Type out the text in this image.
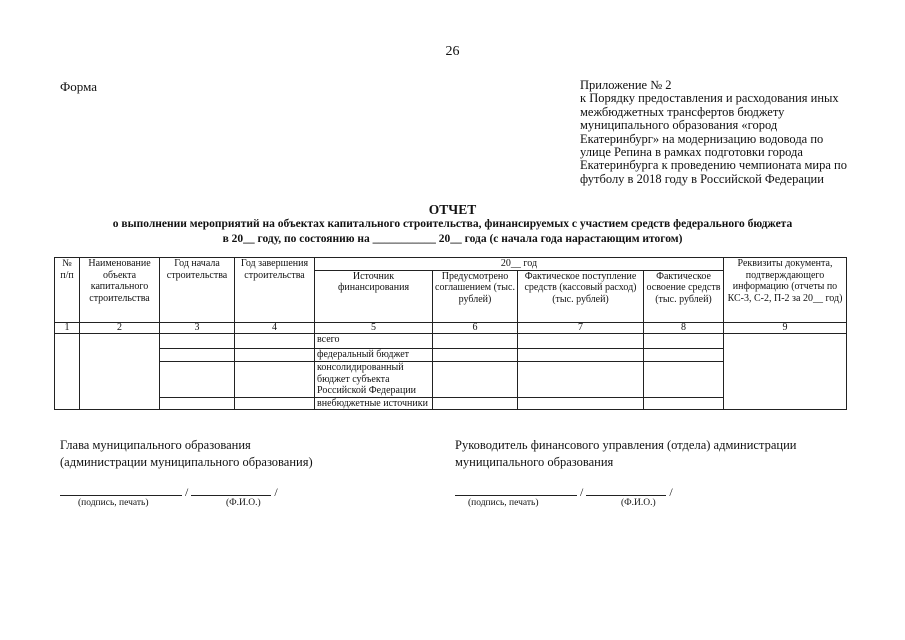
26
Форма	Приложение № 2
к Порядку предоставления и расходования иных межбюджетных трансфертов бюджету муниципального образования «город Екатеринбург» на модернизацию водовода по улице Репина в рамках подготовки города Екатеринбурга к проведению чемпионата мира по футболу в 2018 году в Российской Федерации
ОТЧЕТ
о выполнении мероприятий на объектах капитального строительства, финансируемых с участием средств федерального бюджета
в 20__ году, по состоянию на ___________ 20__ года (с начала года нарастающим итогом)
№ п/п	Наименование объекта капитального строительства	Год начала строительства	Год завершения строительства	20__ год				Реквизиты документа, подтверждающего информацию (отчеты по КС-3, С-2, П-2 за 20__ год)
				Источник финансирования	Предусмотрено соглашением (тыс. рублей)	Фактическое поступление средств (кассовый расход) (тыс. рублей)	Фактическое освоение средств (тыс. рублей)	
1	2	3	4	5	6	7	8	9
				всего				
				федеральный бюджет				
				консолидированный бюджет субъекта Российской Федерации				
				внебюджетные источники				
Глава муниципального образования
(администрации муниципального образования)
/	/
(подпись, печать)	(Ф.И.О.)
Руководитель финансового управления (отдела) администрации
муниципального образования
/	/
(подпись, печать)	(Ф.И.О.)
